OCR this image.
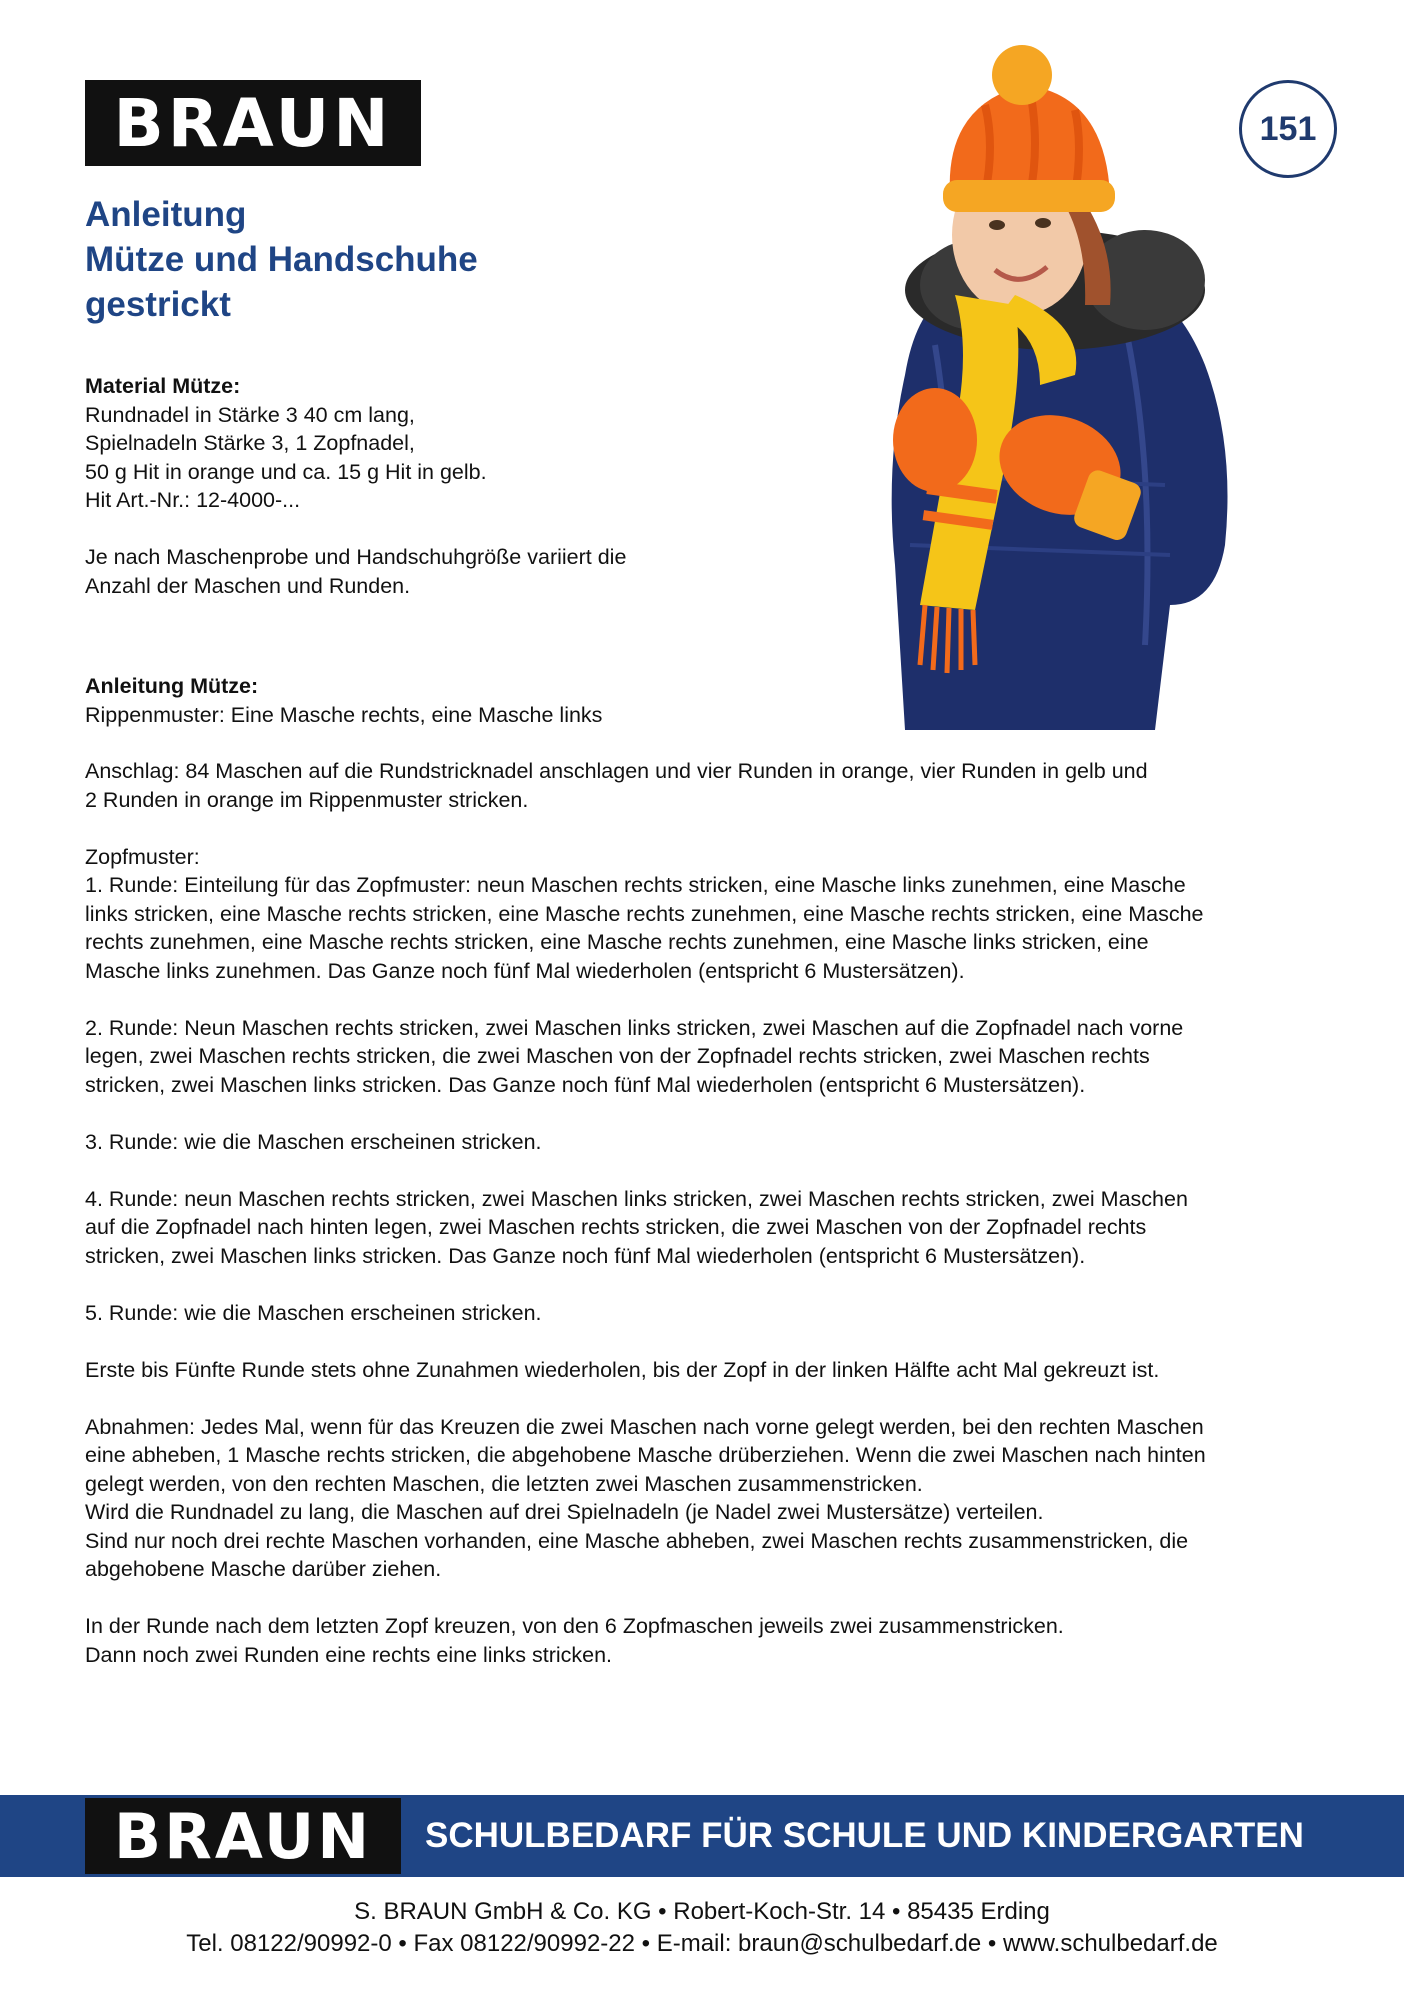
BRAUN	151
Anleitung
Mütze und Handschuhe
gestrickt

Material Mütze:

Rundnadel in Stärke 3 40 cm lang,

Spielnadeln Stärke 3, 1 Zopfnadel,

50 g Hit in orange und ca. 15 g Hit in gelb.

Hit Art.-Nr.: 12-4000-...

Je nach Maschenprobe und Handschuhgröße variiert die

Anzahl der Maschen und Runden.

Anleitung Mütze:

Rippenmuster: Eine Masche rechts, eine Masche links

Anschlag: 84 Maschen auf die Rundstricknadel anschlagen und vier Runden in orange, vier Runden in gelb und

2 Runden in orange im Rippenmuster stricken.

Zopfmuster:

1. Runde: Einteilung für das Zopfmuster: neun Maschen rechts stricken, eine Masche links zunehmen, eine Masche

links stricken, eine Masche rechts stricken, eine Masche rechts zunehmen, eine Masche rechts stricken, eine Masche

rechts zunehmen, eine Masche rechts stricken, eine Masche rechts zunehmen, eine Masche links stricken, eine

Masche links zunehmen. Das Ganze noch fünf Mal wiederholen (entspricht 6 Mustersätzen).

2. Runde: Neun Maschen rechts stricken, zwei Maschen links stricken, zwei Maschen auf die Zopfnadel nach vorne

legen, zwei Maschen rechts stricken, die zwei Maschen von der Zopfnadel rechts stricken, zwei Maschen rechts

stricken, zwei Maschen links stricken. Das Ganze noch fünf Mal wiederholen (entspricht 6 Mustersätzen).

3. Runde: wie die Maschen erscheinen stricken.

4. Runde: neun Maschen rechts stricken, zwei Maschen links stricken, zwei Maschen rechts stricken, zwei Maschen

auf die Zopfnadel nach hinten legen, zwei Maschen rechts stricken, die zwei Maschen von der Zopfnadel rechts

stricken, zwei Maschen links stricken. Das Ganze noch fünf Mal wiederholen (entspricht 6 Mustersätzen).

5. Runde: wie die Maschen erscheinen stricken.

Erste bis Fünfte Runde stets ohne Zunahmen wiederholen, bis der Zopf in der linken Hälfte acht Mal gekreuzt ist.

Abnahmen: Jedes Mal, wenn für das Kreuzen die zwei Maschen nach vorne gelegt werden, bei den rechten Maschen

eine abheben, 1 Masche rechts stricken, die abgehobene Masche drüberziehen. Wenn die zwei Maschen nach hinten

gelegt werden, von den rechten Maschen, die letzten zwei Maschen zusammenstricken.

Wird die Rundnadel zu lang, die Maschen auf drei Spielnadeln (je Nadel zwei Mustersätze) verteilen.

Sind nur noch drei rechte Maschen vorhanden, eine Masche abheben, zwei Maschen rechts zusammenstricken, die

abgehobene Masche darüber ziehen.

In der Runde nach dem letzten Zopf kreuzen, von den 6 Zopfmaschen jeweils zwei zusammenstricken.

Dann noch zwei Runden eine rechts eine links stricken.

BRAUN SCHULBEDARF FÜR SCHULE UND KINDERGARTEN
S. BRAUN GmbH & Co. KG • Robert-Koch-Str. 14 • 85435 Erding
Tel. 08122/90992-0 • Fax 08122/90992-22 • E-mail: braun@schulbedarf.de • www.schulbedarf.de
